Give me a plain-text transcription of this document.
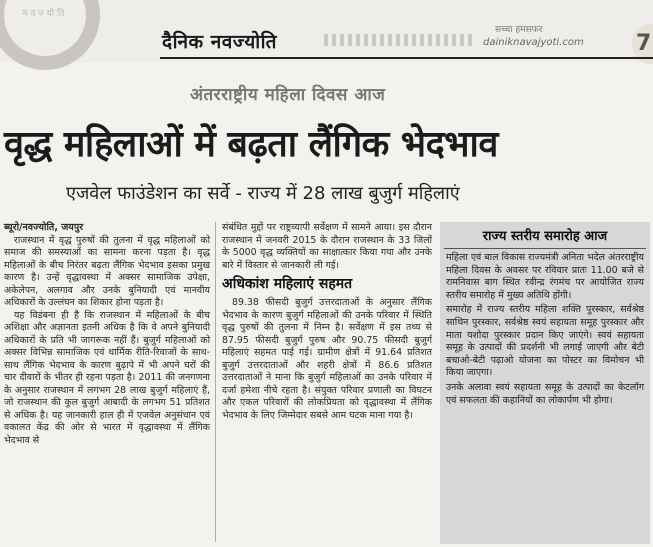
नवज्योति
दैनिक नवज्योति
सच्चा हमसफर
dainiknavajyoti.com	7
अंतरराष्ट्रीय महिला दिवस आज
वृद्ध महिलाओं में बढ़ता लैंगिक भेदभाव
एजवेल फाउंडेशन का सर्वे - राज्य में 28 लाख बुजुर्ग महिलाएं

ब्यूरो/नवज्योति, जयपुर

राजस्थान में वृद्ध पुरुषों की तुलना में वृद्ध महिलाओं को समाज की समस्याओं का सामना करना पड़ता है। वृद्ध महिलाओं के बीच निरंतर बढ़ता लैंगिक भेदभाव इसका प्रमुख कारण है। उन्हें वृद्धावस्था में अक्सर सामाजिक उपेक्षा, अकेलेपन, अलगाव और उनके बुनियादी एवं मानवीय अधिकारों के उल्लंघन का शिकार होना पड़ता है।

यह विडंबना ही है कि राजस्थान में महिलाओं के बीच अशिक्षा और अज्ञानता इतनी अधिक है कि वे अपने बुनियादी अधिकारों के प्रति भी जागरूक नहीं हैं। बुजुर्ग महिलाओं को अक्सर विभिन्न सामाजिक एवं धार्मिक रीति-रिवाजों के साथ-साथ लैंगिक भेदभाव के कारण बुढ़ापे में भी अपने घरों की चार दीवारों के भीतर ही रहना पड़ता है। 2011 की जनगणना के अनुसार राजस्थान में लगभग 28 लाख बुजुर्ग महिलाएं हैं, जो राजस्थान की कुल बुजुर्ग आबादी के लगभग 51 प्रतिशत से अधिक है। यह जानकारी हाल ही में एजवेल अनुसंधान एवं वकालत केंद्र की ओर से भारत में वृद्धावस्था में लैंगिक भेदभाव से

संबंधित मुद्दों पर राष्ट्रव्यापी सर्वेक्षण में सामने आया। इस दौरान राजस्थान में जनवरी 2015 के दौरान राजस्थान के 33 जिलों के 5000 वृद्ध व्यक्तियों का साक्षात्कार किया गया और उनके बारे में विस्तार से जानकारी ली गई।

अधिकांश महिलाएं सहमत

89.38 फीसदी बुजुर्ग उत्तरदाताओं के अनुसार लैंगिक भेदभाव के कारण बुजुर्ग महिलाओं की उनके परिवार में स्थिति वृद्ध पुरुषों की तुलना में निम्न है। सर्वेक्षण में इस तथ्य से 87.95 फीसदी बुजुर्ग पुरुष और 90.75 फीसदी बुजुर्ग महिलाएं सहमत पाई गई। ग्रामीण क्षेत्रों में 91.64 प्रतिशत बुजुर्ग उत्तरदाताओं और शहरी क्षेत्रों में 86.6 प्रतिशत उत्तरदाताओं ने माना कि बुजुर्ग महिलाओं का उनके परिवार में दर्जा हमेशा नीचे रहता है। संयुक्त परिवार प्रणाली का विघटन और एकल परिवारों की लोकप्रियता को वृद्धावस्था में लैंगिक भेदभाव के लिए जिम्मेदार सबसे आम घटक माना गया है।

राज्य स्तरीय समारोह आज

महिला एवं बाल विकास राज्यमंत्री अनिता भदेल अंतरराष्ट्रीय महिला दिवस के अवसर पर रविवार प्रातः 11.00 बजे से रामनिवास बाग स्थित रवीन्द्र रंगमंच पर आयोजित राज्य स्तरीय समारोह में मुख्य अतिथि होंगी।

समारोह में राज्य स्तरीय महिला शक्ति पुरस्कार, सर्वश्रेष्ठ साथिन पुरस्कार, सर्वश्रेष्ठ स्वयं सहायता समूह पुरस्कार और माता यशोदा पुरस्कार प्रदान किए जाएंगे। स्वयं सहायता समूह के उत्पादों की प्रदर्शनी भी लगाई जाएगी और बेटी बचाओ-बेटी पढ़ाओ योजना का पोस्टर का विमोचन भी किया जाएगा।

उनके अलावा स्वयं सहायता समूह के उत्पादों का केटलॉग एवं सफलता की कहानियों का लोकार्पण भी होगा।
